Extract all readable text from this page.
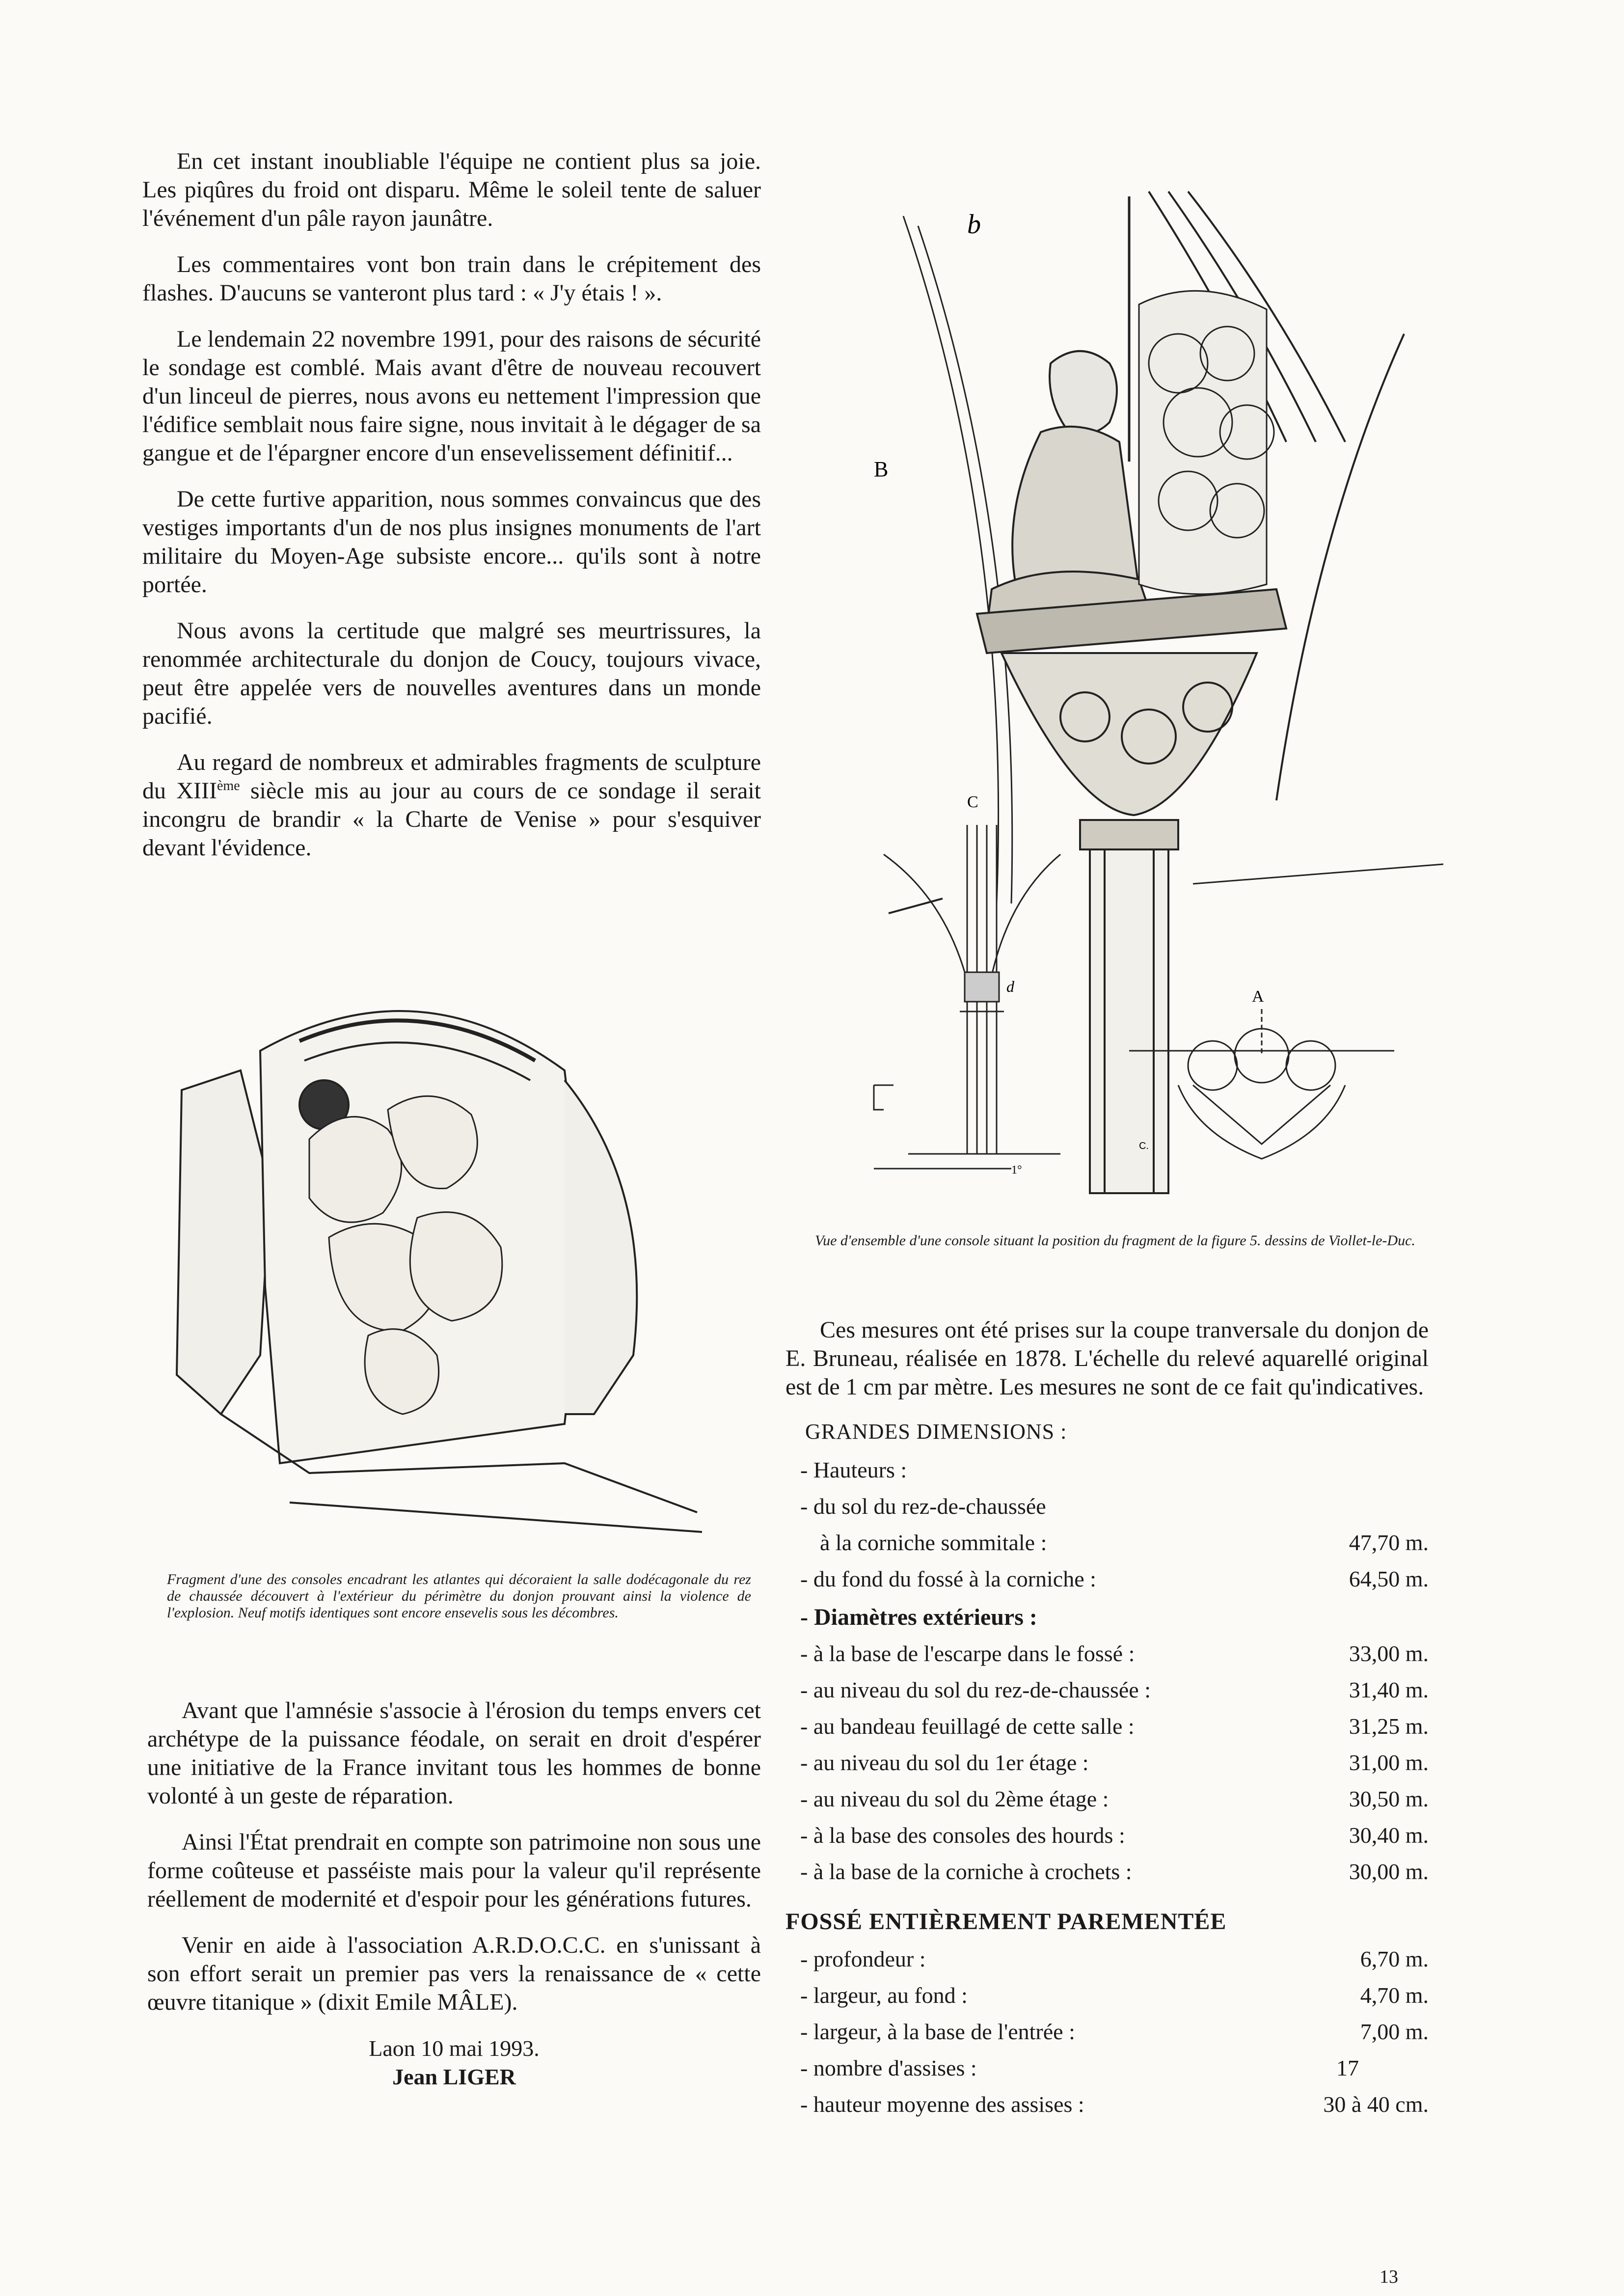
En cet instant inoubliable l'équipe ne contient plus sa joie. Les piqûres du froid ont disparu. Même le soleil tente de saluer l'événement d'un pâle rayon jaunâtre.

Les commentaires vont bon train dans le crépitement des flashes. D'aucuns se vanteront plus tard : « J'y étais ! ».

Le lendemain 22 novembre 1991, pour des raisons de sécurité le sondage est comblé. Mais avant d'être de nouveau recouvert d'un linceul de pierres, nous avons eu nettement l'impression que l'édifice semblait nous faire signe, nous invitait à le dégager de sa gangue et de l'épargner encore d'un ensevelissement définitif...

De cette furtive apparition, nous sommes convaincus que des vestiges importants d'un de nos plus insignes monuments de l'art militaire du Moyen-Age subsiste encore... qu'ils sont à notre portée.

Nous avons la certitude que malgré ses meurtrissures, la renommée architecturale du donjon de Coucy, toujours vivace, peut être appelée vers de nouvelles aventures dans un monde pacifié.

Au regard de nombreux et admirables fragments de sculpture du XIIIème siècle mis au jour au cours de ce sondage il serait incongru de brandir « la Charte de Venise » pour s'esquiver devant l'évidence.

b
B
C
d
1°
A
C.

Vue d'ensemble d'une console situant la position du fragment de la figure 5. dessins de Viollet-le-Duc.

Fragment d'une des consoles encadrant les atlantes qui décoraient la salle dodécagonale du rez de chaussée découvert à l'extérieur du périmètre du donjon prouvant ainsi la violence de l'explosion. Neuf motifs identiques sont encore ensevelis sous les décombres.

Avant que l'amnésie s'associe à l'érosion du temps envers cet archétype de la puissance féodale, on serait en droit d'espérer une initiative de la France invitant tous les hommes de bonne volonté à un geste de réparation.

Ainsi l'État prendrait en compte son patrimoine non sous une forme coûteuse et passéiste mais pour la valeur qu'il représente réellement de modernité et d'espoir pour les générations futures.

Venir en aide à l'association A.R.D.O.C.C. en s'unissant à son effort serait un premier pas vers la renaissance de « cette œuvre titanique » (dixit Emile MÂLE).

Laon 10 mai 1993.
Jean LIGER

Ces mesures ont été prises sur la coupe tranversale du donjon de E. Bruneau, réalisée en 1878. L'échelle du relevé aquarellé original est de 1 cm par mètre. Les mesures ne sont de ce fait qu'indicatives.

GRANDES DIMENSIONS :
- Hauteurs :
- du sol du rez-de-chaussée
à la corniche sommitale :	47,70 m.
- du fond du fossé à la corniche :	64,50 m.
- Diamètres extérieurs :
- à la base de l'escarpe dans le fossé :	33,00 m.
- au niveau du sol du rez-de-chaussée :	31,40 m.
- au bandeau feuillagé de cette salle :	31,25 m.
- au niveau du sol du 1er étage :	31,00 m.
- au niveau du sol du 2ème étage :	30,50 m.
- à la base des consoles des hourds :	30,40 m.
- à la base de la corniche à crochets :	30,00 m.
FOSSÉ ENTIÈREMENT PAREMENTÉE
- profondeur :	6,70 m.
- largeur, au fond :	4,70 m.
- largeur, à la base de l'entrée :	7,00 m.
- nombre d'assises :	17
- hauteur moyenne des assises :	30 à 40 cm.
13
